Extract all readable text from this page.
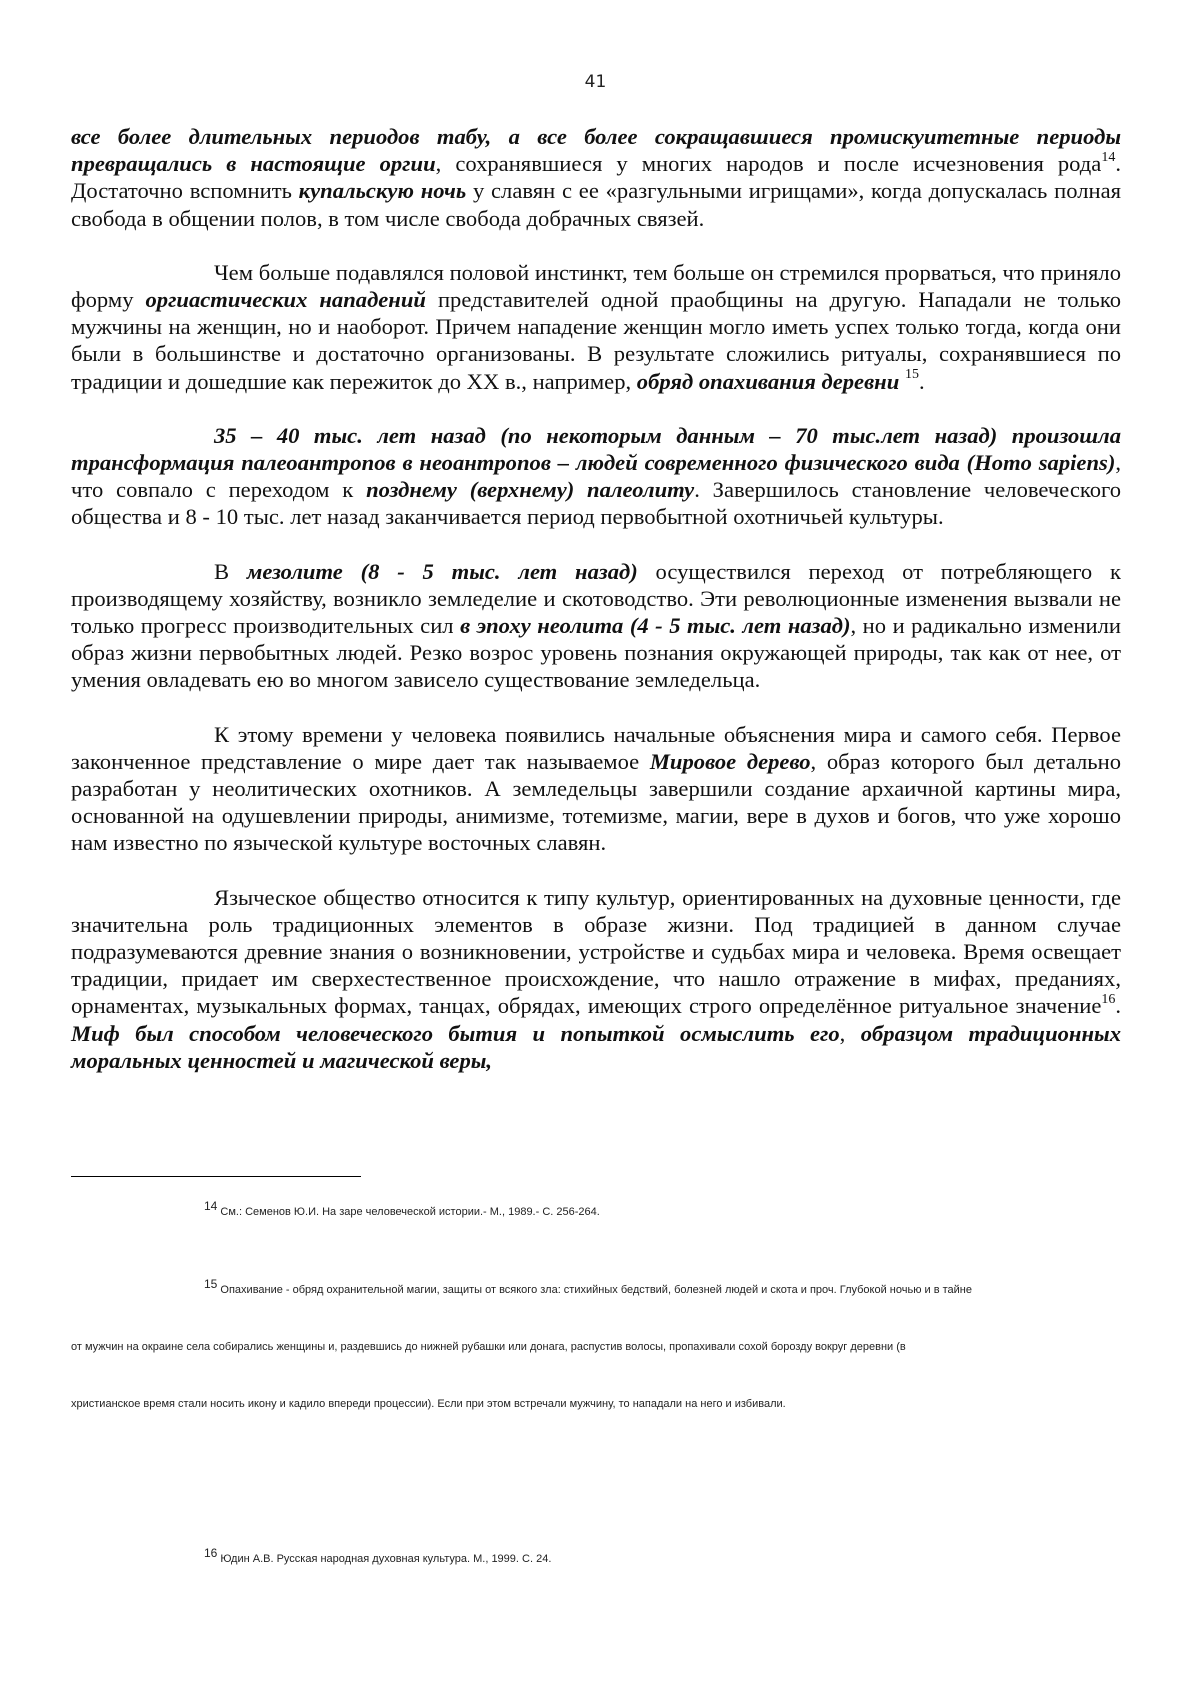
41

все более длительных периодов табу, а все более сокращавшиеся промискуитетные периоды превращались в настоящие оргии, сохранявшиеся у многих народов и после исчезновения рода$^{14}$. Достаточно вспомнить купальскую ночь у славян с ее «разгульными игрищами», когда допускалась полная свобода в общении полов, в том числе свобода добрачных связей.

Чем больше подавлялся половой инстинкт, тем больше он стремился прорваться, что приняло форму оргиастических нападений представителей одной праобщины на другую. Нападали не только мужчины на женщин, но и наоборот. Причем нападение женщин могло иметь успех только тогда, когда они были в большинстве и достаточно организованы. В результате сложились ритуалы, сохранявшиеся по традиции и дошедшие как пережиток до XX в., например, обряд опахивания деревни $^{15}$.

35 – 40 тыс. лет назад (по некоторым данным – 70 тыс.лет назад) произошла трансформация палеоантропов в неоантропов – людей современного физического вида (Homo sapiens), что совпало с переходом к позднему (верхнему) палеолиту. Завершилось становление человеческого общества и 8 - 10 тыс. лет назад заканчивается период первобытной охотничьей культуры.

В мезолите (8 - 5 тыс. лет назад) осуществился переход от потребляющего к производящему хозяйству, возникло земледелие и скотоводство. Эти революционные изменения вызвали не только прогресс производительных сил в эпоху неолита (4 - 5 тыс. лет назад), но и радикально изменили образ жизни первобытных людей. Резко возрос уровень познания окружающей природы, так как от нее, от умения овладевать ею во многом зависело существование земледельца.

К этому времени у человека появились начальные объяснения мира и самого себя. Первое законченное представление о мире дает так называемое Мировое дерево, образ которого был детально разработан у неолитических охотников. А земледельцы завершили создание архаичной картины мира, основанной на одушевлении природы, анимизме, тотемизме, магии, вере в духов и богов, что уже хорошо нам известно по языческой культуре восточных славян.

Языческое общество относится к типу культур, ориентированных на духовные ценности, где значительна роль традиционных элементов в образе жизни. Под традицией в данном случае подразумеваются древние знания о возникновении, устройстве и судьбах мира и человека. Время освещает традиции, придает им сверхестественное происхождение, что нашло отражение в мифах, преданиях, орнаментах, музыкальных формах, танцах, обрядах, имеющих строго определённое ритуальное значение$^{16}$. Миф был способом человеческого бытия и попыткой осмыслить его, образцом традиционных моральных ценностей и магической веры,

$^{14}$ См.: Семенов Ю.И. На заре человеческой истории.- М., 1989.- С. 256-264.
$^{15}$ Опахивание - обряд охранительной магии, защиты от всякого зла: стихийных бедствий, болезней людей и скота и проч. Глубокой ночью и в тайне
от мужчин на окраине села собирались женщины и, раздевшись до нижней рубашки или донага, распустив волосы, пропахивали сохой борозду вокруг деревни (в
христианское время стали носить икону и кадило впереди процессии). Если при этом встречали мужчину, то нападали на него и избивали.
$^{16}$ Юдин А.В. Русская народная духовная культура. М., 1999. С. 24.
